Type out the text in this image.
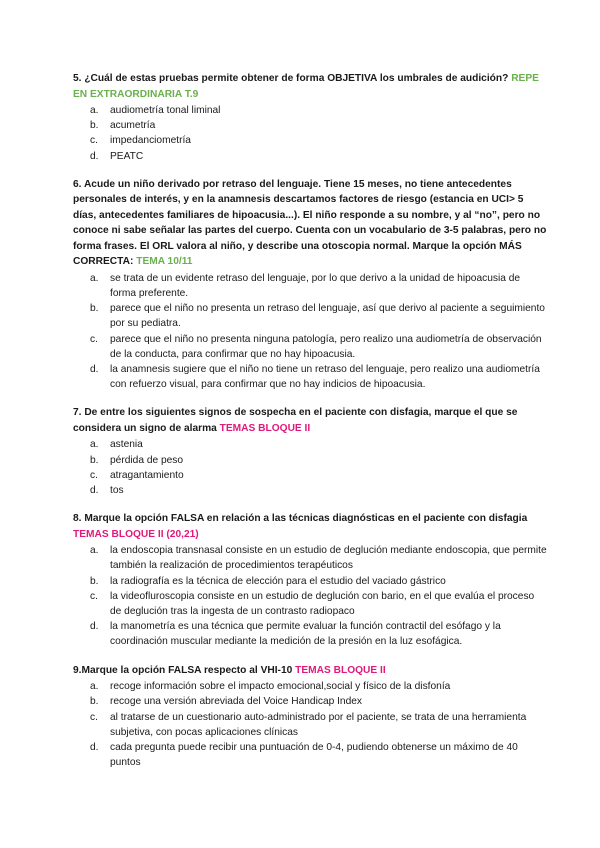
5. ¿Cuál de estas pruebas permite obtener de forma OBJETIVA los umbrales de audición? REPE EN EXTRAORDINARIA T.9

a. audiometría tonal liminal
b. acumetría
c. impedanciometría
d. PEATC

6. Acude un niño derivado por retraso del lenguaje. Tiene 15 meses, no tiene antecedentes personales de interés, y en la anamnesis descartamos factores de riesgo (estancia en UCI> 5 días, antecedentes familiares de hipoacusia...). El niño responde a su nombre, y al “no”, pero no conoce ni sabe señalar las partes del cuerpo. Cuenta con un vocabulario de 3-5 palabras, pero no forma frases. El ORL valora al niño, y describe una otoscopia normal. Marque la opción MÁS CORRECTA: TEMA 10/11

a. se trata de un evidente retraso del lenguaje, por lo que derivo a la unidad de hipoacusia de forma preferente.
b. parece que el niño no presenta un retraso del lenguaje, así que derivo al paciente a seguimiento por su pediatra.
c. parece que el niño no presenta ninguna patología, pero realizo una audiometría de observación de la conducta, para confirmar que no hay hipoacusia.
d. la anamnesis sugiere que el niño no tiene un retraso del lenguaje, pero realizo una audiometría con refuerzo visual, para confirmar que no hay indicios de hipoacusia.

7. De entre los siguientes signos de sospecha en el paciente con disfagia, marque el que se considera un signo de alarma TEMAS BLOQUE II

a. astenia
b. pérdida de peso
c. atragantamiento
d. tos

8. Marque la opción FALSA en relación a las técnicas diagnósticas en el paciente con disfagia TEMAS BLOQUE II (20,21)

a. la endoscopia transnasal consiste en un estudio de deglución mediante endoscopia, que permite también la realización de procedimientos terapéuticos
b. la radiografía es la técnica de elección para el estudio del vaciado gástrico
c. la videofluroscopia consiste en un estudio de deglución con bario, en el que evalúa el proceso de deglución tras la ingesta de un contrasto radiopaco
d. la manometría es una técnica que permite evaluar la función contractil del esófago y la coordinación muscular mediante la medición de la presión en la luz esofágica.

9.Marque la opción FALSA respecto al VHI-10 TEMAS BLOQUE II

a. recoge información sobre el impacto emocional,social y físico de la disfonía
b. recoge una versión abreviada del Voice Handicap Index
c. al tratarse de un cuestionario auto-administrado por el paciente, se trata de una herramienta subjetiva, con pocas aplicaciones clínicas
d. cada pregunta puede recibir una puntuación de 0-4, pudiendo obtenerse un máximo de 40 puntos
